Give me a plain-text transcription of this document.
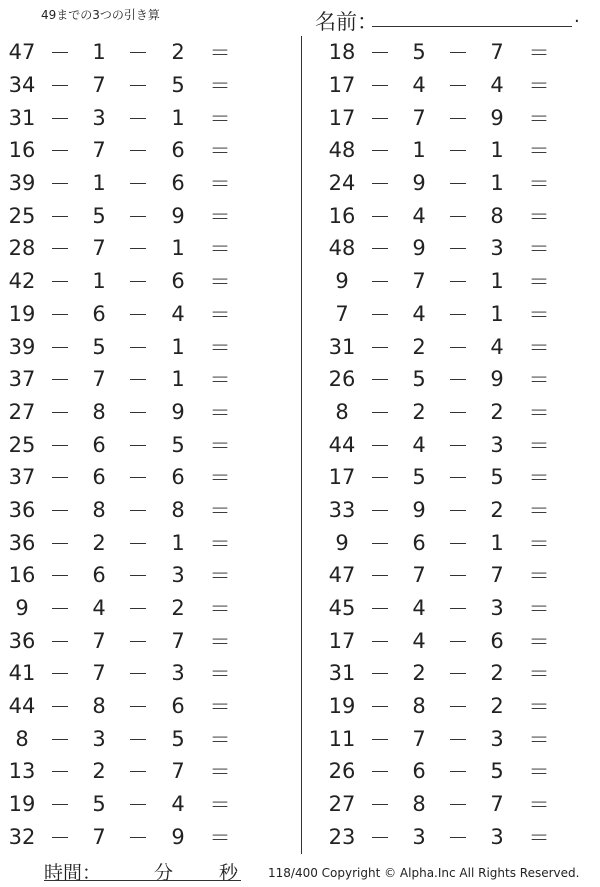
49までの3つの引き算	名前：	.
47 － 1 － 2 ＝
34 － 7 － 5 ＝
31 － 3 － 1 ＝
16 － 7 － 6 ＝
39 － 1 － 6 ＝
25 － 5 － 9 ＝
28 － 7 － 1 ＝
42 － 1 － 6 ＝
19 － 6 － 4 ＝
39 － 5 － 1 ＝
37 － 7 － 1 ＝
27 － 8 － 9 ＝
25 － 6 － 5 ＝
37 － 6 － 6 ＝
36 － 8 － 8 ＝
36 － 2 － 1 ＝
16 － 6 － 3 ＝
9 － 4 － 2 ＝
36 － 7 － 7 ＝
41 － 7 － 3 ＝
44 － 8 － 6 ＝
8 － 3 － 5 ＝
13 － 2 － 7 ＝
19 － 5 － 4 ＝
32 － 7 － 9 ＝
18 － 5 － 7 ＝
17 － 4 － 4 ＝
17 － 7 － 9 ＝
48 － 1 － 1 ＝
24 － 9 － 1 ＝
16 － 4 － 8 ＝
48 － 9 － 3 ＝
9 － 7 － 1 ＝
7 － 4 － 1 ＝
31 － 2 － 4 ＝
26 － 5 － 9 ＝
8 － 2 － 2 ＝
44 － 4 － 3 ＝
17 － 5 － 5 ＝
33 － 9 － 2 ＝
9 － 6 － 1 ＝
47 － 7 － 7 ＝
45 － 4 － 3 ＝
17 － 4 － 6 ＝
31 － 2 － 2 ＝
19 － 8 － 2 ＝
11 － 7 － 3 ＝
26 － 6 － 5 ＝
27 － 8 － 7 ＝
23 － 3 － 3 ＝
時間：	分 秒 118/400 Copyright © Alpha.Inc All Rights Reserved.
